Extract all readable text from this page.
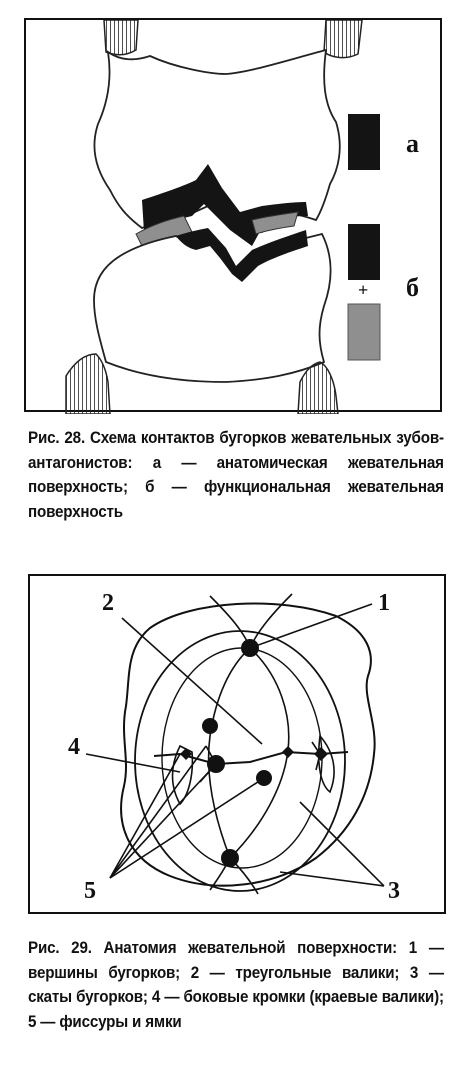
а
б
+
Рис. 28. Схема контактов бугорков жевательных зубов-антагонистов: а — анатомическая жевательная поверхность; б — функциональная жевательная поверхность
1
2
3
4
5
Рис. 29. Анатомия жевательной поверхности: 1 — вершины бугорков; 2 — треугольные валики; 3 — скаты бугорков; 4 — боковые кромки (краевые валики); 5 — фиссуры и ямки
